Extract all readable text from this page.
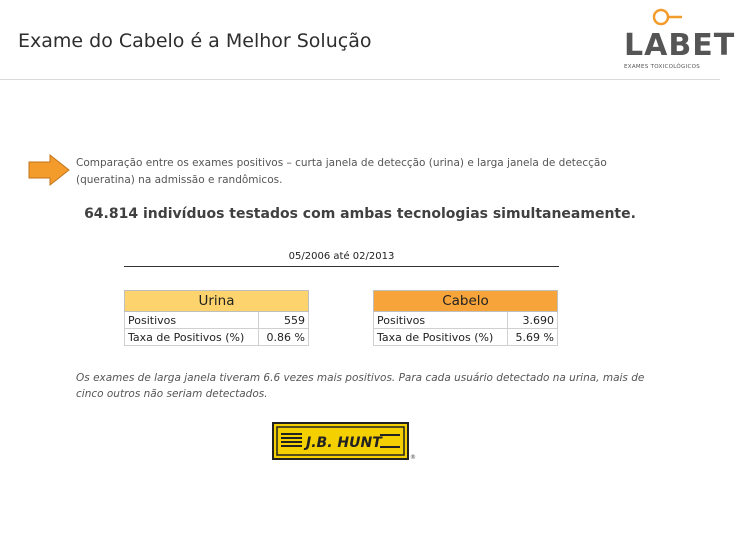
Exame do Cabelo é a Melhor Solução	LABET
EXAMES TOXICOLÓGICOS
Comparação entre os exames positivos – curta janela de detecção (urina) e larga janela de detecção (queratina) na admissão e randômicos.
64.814 indivíduos testados com ambas tecnologias simultaneamente.
05/2006 até 02/2013
Urina	
Positivos	559
Taxa de Positivos (%)	0.86 %
Cabelo	
Positivos	3.690
Taxa de Positivos (%)	5.69 %
Os exames de larga janela tiveram 6.6 vezes mais positivos. Para cada usuário detectado na urina, mais de cinco outros não seriam detectados.
J.B. HUNT
®
